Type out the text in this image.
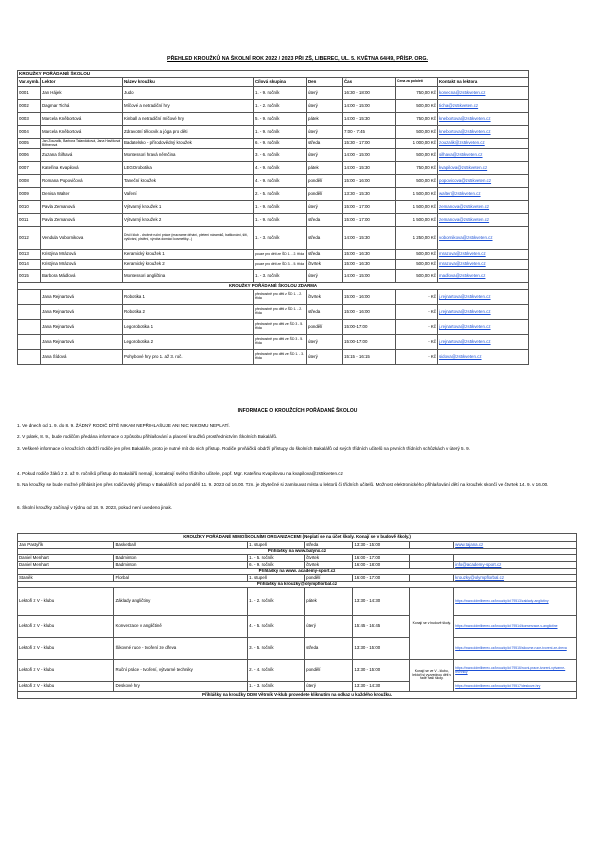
PŘEHLED KROUŽKŮ NA ŠKOLNÍ ROK 2022 / 2023 PŘI ZŠ, LIBEREC, UL. 5. KVĚTNA 64/49, PŘÍSP. ORG.
KROUŽKY POŘÁDANÉ ŠKOLOU							
Var.symb.	Lektor	Název kroužku	Cílová skupina	Den	Čas	Cena za pololetí	Kontakt na lektora
0001	Jan Hájek	Judo	1. - 9. ročník	úterý	16:30 - 18:00	750,00 Kč	konecna@zs5kveten.cz
0002	Dagmar Tichá	Míčové a netradiční hry	1. - 2. ročník	úterý	14:00 - 15:00	500,00 Kč	ticha@zs5kveten.cz
0003	Marcela Kněbortová	Kinball a netradiční míčové hry	5. - 9. ročník	pátek	14:00 - 15:30	750,00 Kč	knebortova@zs5kveten.cz
0004	Marcela Kněbortová	Zdravotní tělocvik a jóga pro děti	1. - 9. ročník	úterý	7:00 - 7:45	500,00 Kč	knebortova@zs5kveten.cz
0005	Jan Zouzalík, Barbora Talandáková, Jana Havlíková Bittnerová	Badatelsko - přírodovědný kroužek	6. - 9. ročník	středa	15:30 - 17:00	1 000,00 Kč	zouzalik@zs5kveten.cz
0006	Zuzana Šilhavá	Montessori hravá němčina	3. - 6. ročník	úterý	14:00 - 15:00	500,00 Kč	silhava@zs5kveten.cz
0007	Kateřina Kvapilová	LEGOrobotika	4. - 9. ročník	pátek	14:00 - 15:30	750,00 Kč	kvapilova@zs5kveten.cz
0008	Romana Popovičová	Taneční kroužek	4. - 9. ročník	pondělí	15:00 - 16:00	500,00 Kč	popovicova@zs5kveten.cz
0009	Denisa Walter	Vaření	2. - 5. ročník	pondělí	13:30 - 15:30	1 500,00 Kč	walter@zs5kveten.cz
0010	Pavla Zemanová	Výtvarný kroužek 1	1. - 9. ročník	úterý	15:00 - 17:00	1 500,00 Kč	zemanova@zs5kveten.cz
0011	Pavla Zemanová	Výtvarný kroužek 2	1. - 9. ročník	středa	15:00 - 17:00	1 500,00 Kč	zemanova@zs5kveten.cz
0012	Vendula Vobornikova	Dívčí klub - drobné ruční práce (macrame drhání, pletení náramků, batikování, šití, vyšívání, plstění, výroba domácí kosmetiky...)	1. - 3. ročník	středa	14:00 - 15:30	1 250,00 Kč	vobornikova@zs5kveten.cz
0013	Kristýna Mrázová	Keramický kroužek 1	pouze pro děti ze ŠD 1. - 2. třída	středa	15:00 - 16:30	500,00 Kč	mrazova@zs5kveten.cz
0014	Kristýna Mrázová	Keramický kroužek 2	pouze pro děti ze ŠD 3. - 5. třída	čtvrtek	15:00 - 16:30	500,00 Kč	mrazova@zs5kveten.cz
0015	Barbora Mádlová	Montessori angličtina	1. - 3. ročník	úterý	14:00 - 15:00	500,00 Kč	madlova@zs5kveten.cz
KROUŽKY POŘÁDANÉ ŠKOLOU ZDARMA							
	Jana Rejnartová	Robotika 1	přednostně pro děti z ŠD 1. - 2. třída	čtvrtek	15:00 - 16:00	- Kč	j.rejnartova@zs5kveten.cz
	Jana Rejnartová	Robotika 2	přednostně pro děti z ŠD 1. - 2. třída	středa	15:00 - 16:00	- Kč	j.rejnartova@zs5kveten.cz
	Jana Rejnartová	Legorobotika 1	přednostně pro děti ze ŠD 3 - 5. třída	pondělí	15:00-17:00	- Kč	j.rejnartova@zs5kveten.cz
	Jana Rejnartová	Legorobotika 2	přednostně pro děti ze ŠD 3 - 5. třída	úterý	15:00-17:00	- Kč	j.rejnartova@zs5kveten.cz
	Jana Šídová	Pohybové hry pro 1. až 3. roč.	přednostně pro děti ze ŠD 1. - 3. třída	úterý	15:15 - 16:15	- Kč	sidova@zs5kveten.cz
INFORMACE O KROUŽCÍCH POŘÁDANÉ ŠKOLOU
1. Ve dnech od 1. 9. do 8. 9. ŽÁDNÝ RODIČ DÍTĚ NIKAM NEPŘIHLAŠUJE ANI NIC NIKOMU NEPLATÍ.
2. V pátek, 8. 9., bude rodičům předána informace o způsobu přihlašování a placení kroužků prostřednictvím Školních Bakalářů.
3. Veškeré informace o kroužcích obdrží rodiče jen přes Bakaláře, proto je nutné mít do nich přístup. Rodiče prvňáčků obdrží přístupy do školních Bakalářů od svých třídních učitelů na prvních třídních schůzkách v úterý 5. 9.
4. Pokud rodiče žáků z 2. až 9. ročníků přístup do Bakalářů nemají, kontaktují svého třídního učitele, popř. Mgr. Kateřinu Kvapilovou na kvapilova@zs5kveten.cz
5. Na kroužky se bude možné přihlásit jen přes rodičovský přístup v Bakalářích od pondělí 11. 9. 2023 od 16.00. Tzn. je zbytečné si zamlouvat místa u lektorů či třídních učitelů. Možnost elektronického přihlašování dětí na kroužek skončí ve čtvrtek 14. 9. v 16.00.
6. Školní kroužky začínají v týdnu od 18. 9. 2023, pokud není uvedeno jinak.
KROUŽKY POŘÁDANÉ MIMOŠKOLNÍMI ORGANIZACEMI (Neplatí se na účet školy. Konají se v budově školy.)						
Jan Pastyřík	Basketball	1. stupeň	středa	13:30 - 15:00		www.tajana.cz
Přihlášky na www.balynx.cz						
Daniel Menhart	Badminton	1. - 5. ročník	čtvrtek	16:00 - 17:00		
Daniel Menhart	Badminton	6. - 9. ročník	čtvrtek	16:00 - 18:00		info@academy-sport.cz
Přihlášky na www. academy-sport.cz						
Staněk	Florbal	1. stupeň	pondělí	16:00 - 17:00		krouzky@olympflorbal.cz
Přihlášky na krouzky@olympflorbal.cz						
Lektoři z V - klubu	Základy angličtiny	1. - 2. ročník	pátek	13:30 - 14:30	Konají se v budově školy.	https://www.ddmliberec.cz/krouzky/id:79513/zaklady-anglictiny
Lektoři z V - klubu	Konverzace v angličtině	4. - 5. ročník	úterý	15:45 - 16:45		https://www.ddmliberec.cz/krouzky/id:79514/konverzace-v-anglictine
Lektoři z V - klubu	Šikovné ruce - tvoření ze dřeva	3. - 5. ročník	středa	13:30 - 15:00		https://www.ddmliberec.cz/krouzky/id:79515/sikovne-ruce-tvoreni-ze-dreva
Lektoři z V - klubu	Ruční práce - tvoření, výtvarné techniky	2. - 4. ročník	pondělí	13:30 - 15:00	Konají se ve V - klubu, lektoři si vyzvednou děti v řadě naší školy.	https://www.ddmliberec.cz/krouzky/id:79516/rucni-prace-tvoreni-vytvarne-techniky
Lektoři z V - klubu	Deskové hry	1. - 3. ročník	úterý	13:30 - 14:30		https://www.ddmliberec.cz/krouzky/id:79517/deskove-hry
Přihlášky na kroužky DDM Větrník V-klub provedete kliknutím na odkaz u každého kroužku.						
